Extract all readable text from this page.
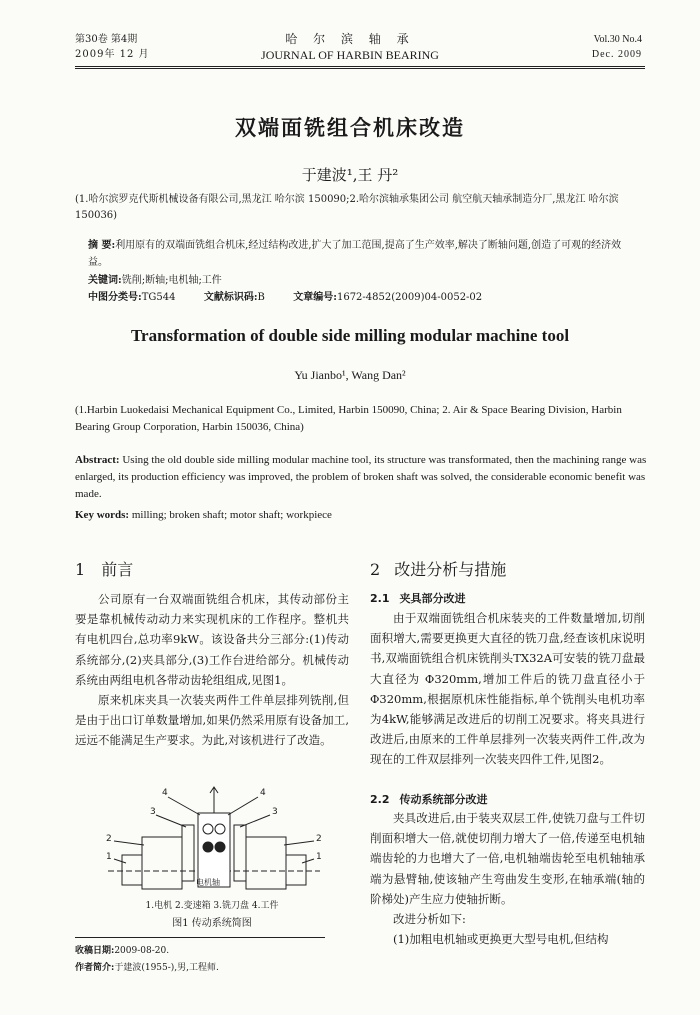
第30卷 第4期
2009年 12 月
哈 尔 滨 轴 承
JOURNAL OF HARBIN BEARING
Vol.30 No.4
Dec. 2009
双端面铣组合机床改造
于建波¹,王 丹²
(1.哈尔滨罗克代斯机械设备有限公司,黑龙江 哈尔滨 150090;2.哈尔滨轴承集团公司 航空航天轴承制造分厂,黑龙江 哈尔滨 150036)
摘 要:利用原有的双端面铣组合机床,经过结构改进,扩大了加工范围,提高了生产效率,解决了断轴问题,创造了可观的经济效益。
关键词:铣削;断轴;电机轴;工件
中图分类号:TG544	文献标识码:B	文章编号:1672-4852(2009)04-0052-02
Transformation of double side milling modular machine tool
Yu Jianbo¹, Wang Dan²
(1.Harbin Luokedaisi Mechanical Equipment Co., Limited, Harbin 150090, China; 2. Air & Space Bearing Division, Harbin Bearing Group Corporation, Harbin 150036, China)
Abstract: Using the old double side milling modular machine tool, its structure was transformated, then the machining range was enlarged, its production efficiency was improved, the problem of broken shaft was solved, the considerable economic benefit was made.
Key words: milling; broken shaft; motor shaft; workpiece
1 前言

公司原有一台双端面铣组合机床，其传动部份主要是靠机械传动动力来实现机床的工作程序。整机共有电机四台,总功率9kW。该设备共分三部分:(1)传动系统部分,(2)夹具部分,(3)工作台进给部分。机械传动系统由两组电机各带动齿轮组组成,见图1。

原来机床夹具一次装夹两件工件单层排列铣削,但是由于出口订单数量增加,如果仍然采用原有设备加工,远远不能满足生产要求。为此,对该机进行了改造。

4	4
3	3
2	2
1	1
电机轴
1.电机 2.变速箱 3.铣刀盘 4.工件
图1 传动系统简图
收稿日期:2009-08-20.
作者简介:于建波(1955-),男,工程师.
2 改进分析与措施
2.1 夹具部分改进

由于双端面铣组合机床装夹的工件数量增加,切削面积增大,需要更换更大直径的铣刀盘,经查该机床说明书,双端面铣组合机床铣削头TX32A可安装的铣刀盘最大直径为 Φ320mm,增加工件后的铣刀盘直径小于 Φ320mm,根据原机床性能指标,单个铣削头电机功率为4kW,能够满足改进后的切削工况要求。将夹具进行改进后,由原来的工件单层排列一次装夹两件工件,改为现在的工件双层排列一次装夹四件工件,见图2。

2.2 传动系统部分改进

夹具改进后,由于装夹双层工件,使铣刀盘与工件切削面积增大一倍,就使切削力增大了一倍,传递至电机轴端齿轮的力也增大了一倍,电机轴端齿轮至电机轴轴承端为悬臂轴,使该轴产生弯曲发生变形,在轴承端(轴的阶梯处)产生应力使轴折断。

改进分析如下:

(1)加粗电机轴或更换更大型号电机,但结构
